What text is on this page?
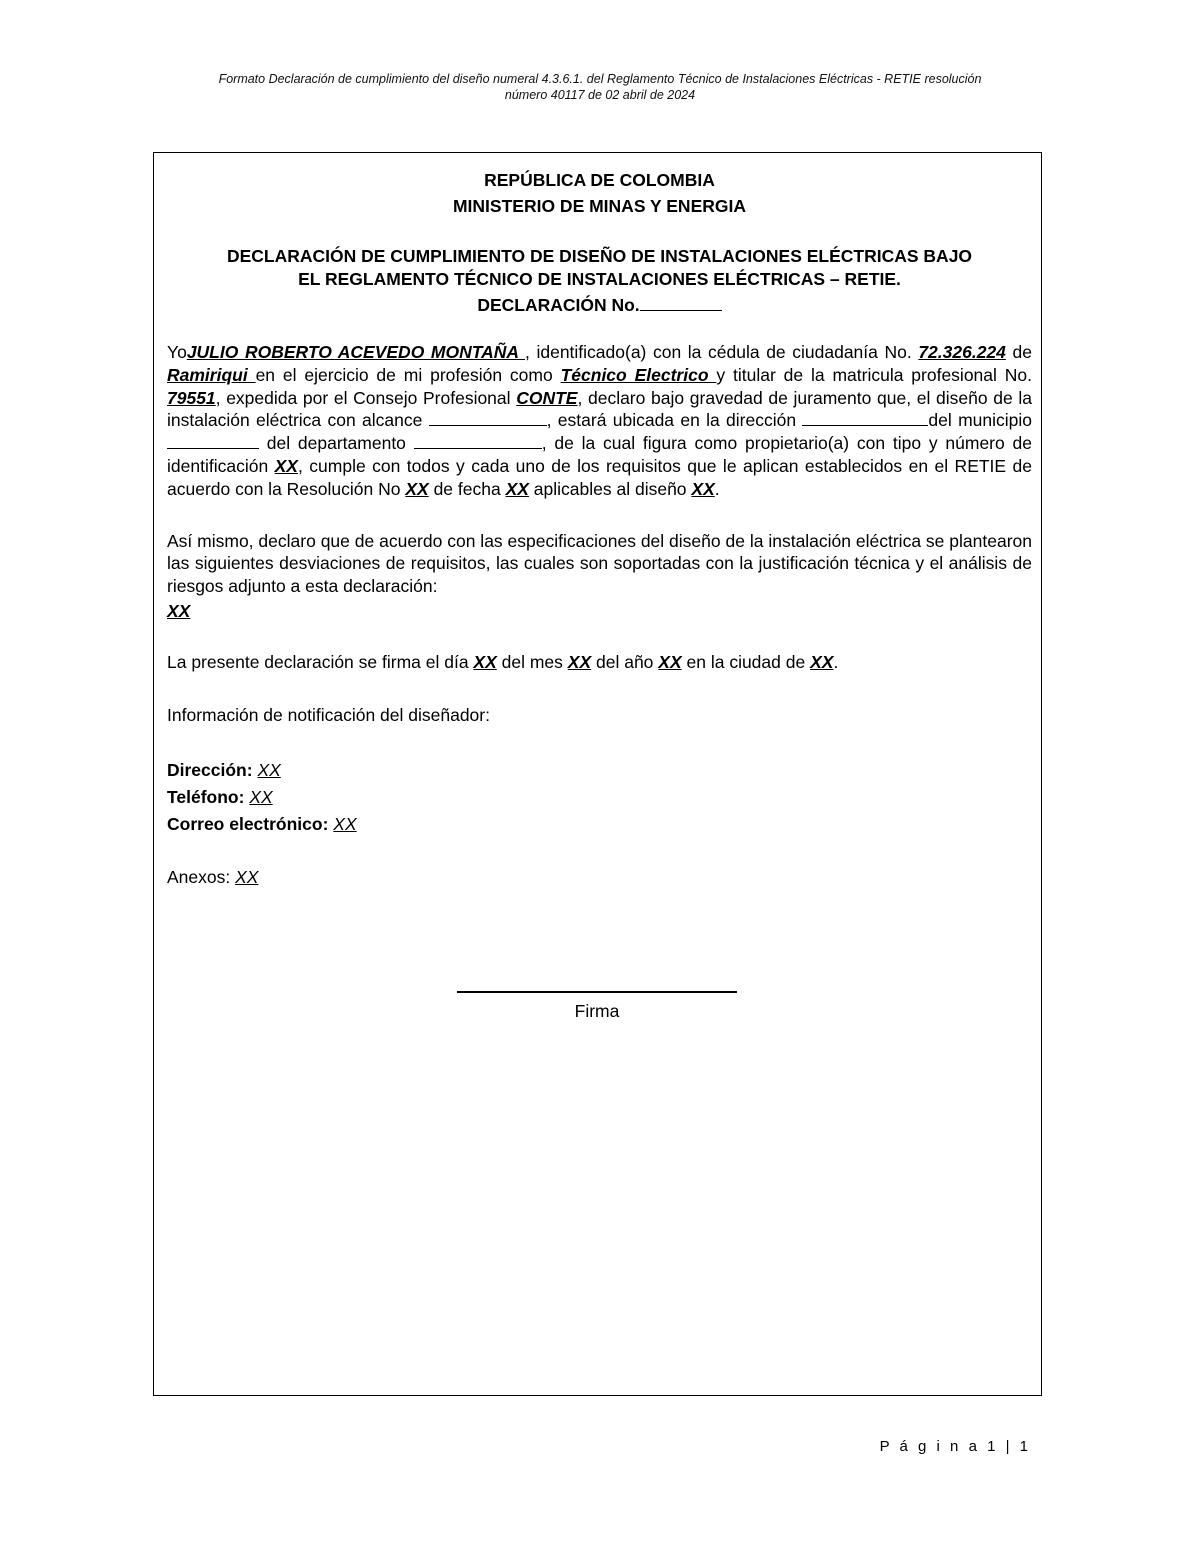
Formato Declaración de cumplimiento del diseño numeral 4.3.6.1. del Reglamento Técnico de Instalaciones Eléctricas - RETIE resolución
número 40117 de 02 abril de 2024

REPÚBLICA DE COLOMBIA

MINISTERIO DE MINAS Y ENERGIA

DECLARACIÓN DE CUMPLIMIENTO DE DISEÑO DE INSTALACIONES ELÉCTRICAS BAJO

EL REGLAMENTO TÉCNICO DE INSTALACIONES ELÉCTRICAS – RETIE.

DECLARACIÓN No.

YoJULIO ROBERTO ACEVEDO MONTAÑA , identificado(a) con la cédula de ciudadanía No. 72.326.224 de Ramiriqui en el ejercicio de mi profesión como Técnico Electrico y titular de la matricula profesional No. 79551, expedida por el Consejo Profesional CONTE, declaro bajo gravedad de juramento que, el diseño de la instalación eléctrica con alcance	, estará ubicada en la dirección	del municipio  del departamento	, de la cual figura como propietario(a) con tipo y número de identificación XX, cumple con todos y cada uno de los requisitos que le aplican establecidos en el RETIE de acuerdo con la Resolución No XX de fecha XX aplicables al diseño XX.

Así mismo, declaro que de acuerdo con las especificaciones del diseño de la instalación eléctrica se plantearon las siguientes desviaciones de requisitos, las cuales son soportadas con la justificación técnica y el análisis de riesgos adjunto a esta declaración:

XX

La presente declaración se firma el día XX del mes XX del año XX en la ciudad de XX.

Información de notificación del diseñador:

Dirección: XX

Teléfono: XX

Correo electrónico: XX

Anexos: XX

Firma
P á g i n a 1 | 1
